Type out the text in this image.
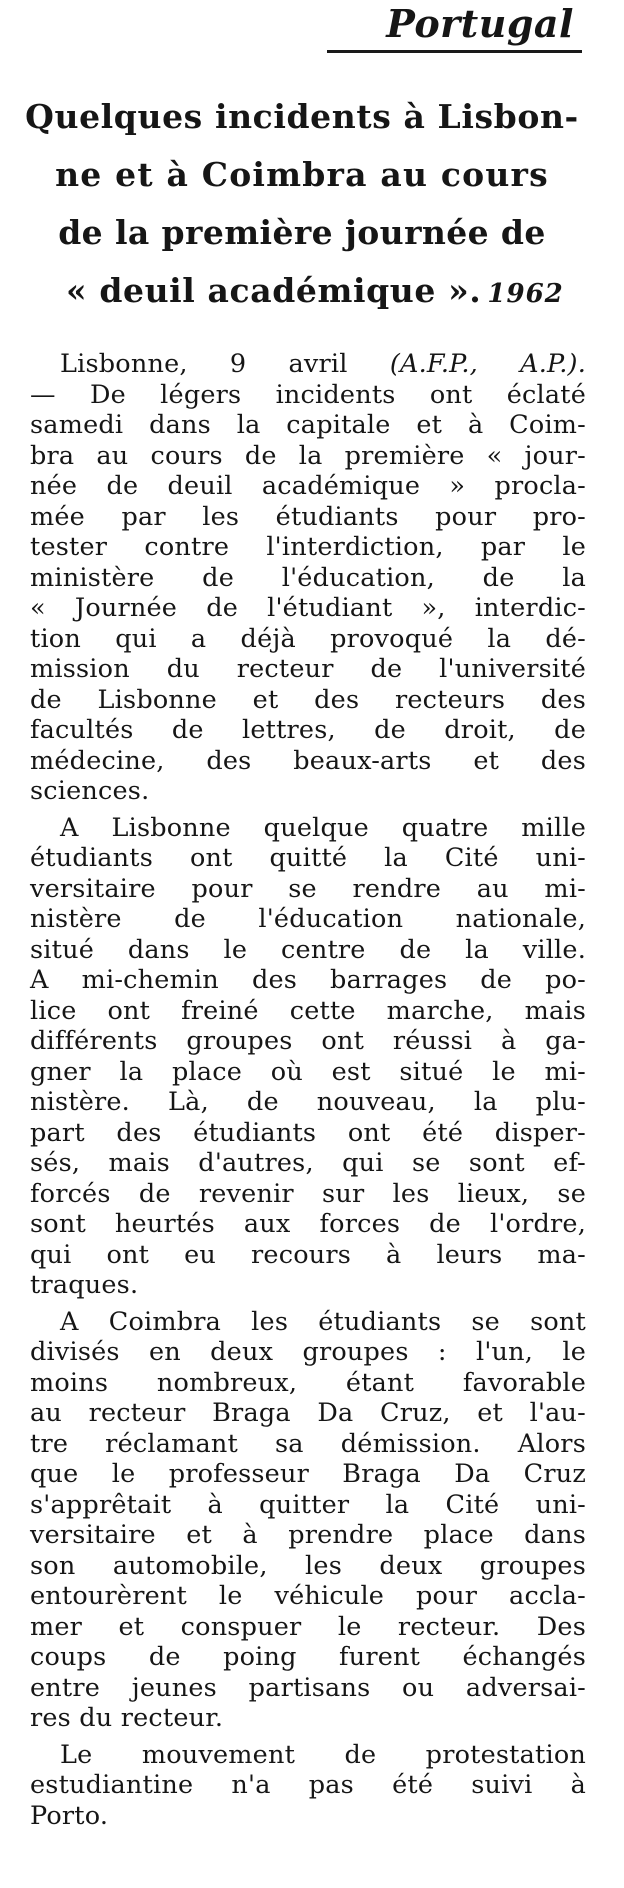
Portugal
Quelques incidents à Lisbon-
ne et à Coimbra au cours
de la première journée de
« deuil académique ». 1962
Lisbonne, 9 avril (A.F.P., A.P.).
— De légers incidents ont éclaté
samedi dans la capitale et à Coim-
bra au cours de la première « jour-
née de deuil académique » procla-
mée par les étudiants pour pro-
tester contre l'interdiction, par le
ministère de l'éducation, de la
« Journée de l'étudiant », interdic-
tion qui a déjà provoqué la dé-
mission du recteur de l'université
de Lisbonne et des recteurs des
facultés de lettres, de droit, de
médecine, des beaux-arts et des
sciences.
A Lisbonne quelque quatre mille
étudiants ont quitté la Cité uni-
versitaire pour se rendre au mi-
nistère de l'éducation nationale,
situé dans le centre de la ville.
A mi-chemin des barrages de po-
lice ont freiné cette marche, mais
différents groupes ont réussi à ga-
gner la place où est situé le mi-
nistère. Là, de nouveau, la plu-
part des étudiants ont été disper-
sés, mais d'autres, qui se sont ef-
forcés de revenir sur les lieux, se
sont heurtés aux forces de l'ordre,
qui ont eu recours à leurs ma-
traques.
A Coimbra les étudiants se sont
divisés en deux groupes : l'un, le
moins nombreux, étant favorable
au recteur Braga Da Cruz, et l'au-
tre réclamant sa démission. Alors
que le professeur Braga Da Cruz
s'apprêtait à quitter la Cité uni-
versitaire et à prendre place dans
son automobile, les deux groupes
entourèrent le véhicule pour accla-
mer et conspuer le recteur. Des
coups de poing furent échangés
entre jeunes partisans ou adversai-
res du recteur.
Le mouvement de protestation
estudiantine n'a pas été suivi à
Porto.
